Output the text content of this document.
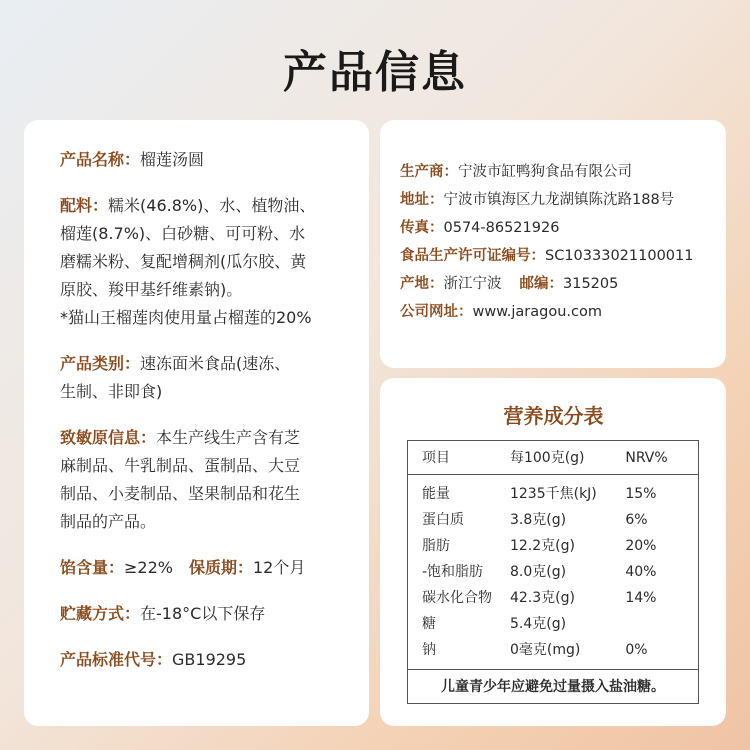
产品信息
产品名称：榴莲汤圆
配料：糯米(46.8%)、水、植物油、
榴莲(8.7%)、白砂糖、可可粉、水
磨糯米粉、复配增稠剂(瓜尔胶、黄
原胶、羧甲基纤维素钠)。
*猫山王榴莲肉使用量占榴莲的20%
产品类别：速冻面米食品(速冻、
生制、非即食)
致敏原信息：本生产线生产含有芝
麻制品、牛乳制品、蛋制品、大豆
制品、小麦制品、坚果制品和花生
制品的产品。
馅含量：≥22% 保质期：12个月
贮藏方式：在-18°C以下保存
产品标准代号：GB19295
生产商：宁波市缸鸭狗食品有限公司
地址：宁波市镇海区九龙湖镇陈沈路188号
传真：0574-86521926
食品生产许可证编号：SC10333021100011
产地：浙江宁波 邮编：315205
公司网址：www.jaragou.com
营养成分表
项目	每100克(g)	NRV%
能量	1235千焦(kJ)	15%
蛋白质	3.8克(g)	6%
脂肪	12.2克(g)	20%
-饱和脂肪	8.0克(g)	40%
碳水化合物	42.3克(g)	14%
糖	5.4克(g)
钠	0毫克(mg)	0%
儿童青少年应避免过量摄入盐油糖。
